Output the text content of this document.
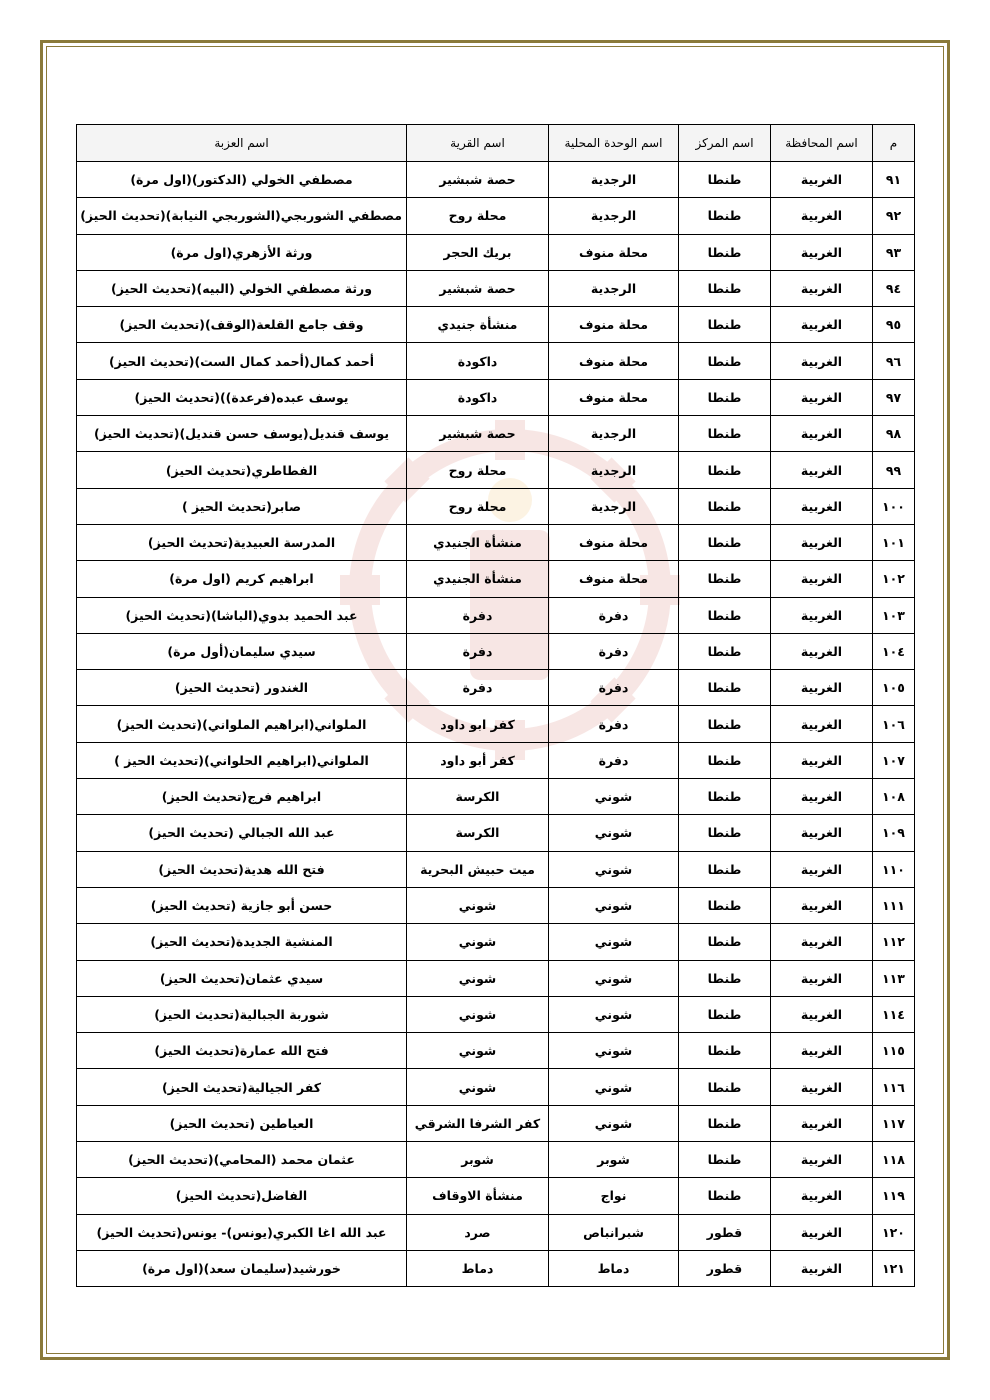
م	اسم المحافظة	اسم المركز	اسم الوحدة المحلية	اسم القرية	اسم العزبة
٩١	الغربية	طنطا	الرجدية	حصة شبشير	مصطفي الخولي (الدكتور)(اول مرة)
٩٢	الغربية	طنطا	الرجدية	محلة روح	مصطفي الشوربجي(الشوربجي النيابة)(تحديث الحيز)
٩٣	الغربية	طنطا	محلة منوف	بريك الحجر	ورثة الأزهري(اول مرة)
٩٤	الغربية	طنطا	الرجدية	حصة شبشير	ورثة مصطفي الخولي (البيه)(تحديث الحيز)
٩٥	الغربية	طنطا	محلة منوف	منشأة جنيدي	وقف جامع القلعة(الوقف)(تحديث الحيز)
٩٦	الغربية	طنطا	محلة منوف	داكودة	أحمد كمال(أحمد كمال الست)(تحديث الحيز)
٩٧	الغربية	طنطا	محلة منوف	داكودة	يوسف عبده(فرعدة))(تحديث الحيز)
٩٨	الغربية	طنطا	الرجدية	حصة شبشير	يوسف قنديل(يوسف حسن قنديل)(تحديث الحيز)
٩٩	الغربية	طنطا	الرجدية	محلة روح	الفطاطري(تحديث الحيز)
١٠٠	الغربية	طنطا	الرجدية	محلة روح	صابر(تحديث الحيز )
١٠١	الغربية	طنطا	محلة منوف	منشأة الجنيدي	المدرسة العبيدية(تحديث الحيز)
١٠٢	الغربية	طنطا	محلة منوف	منشأة الجنيدي	ابراهيم كريم (اول مرة)
١٠٣	الغربية	طنطا	دفرة	دفرة	عبد الحميد بدوي(الباشا)(تحديث الحيز)
١٠٤	الغربية	طنطا	دفرة	دفرة	سيدي سليمان(أول مرة)
١٠٥	الغربية	طنطا	دفرة	دفرة	الغندور (تحديث الحيز)
١٠٦	الغربية	طنطا	دفرة	كفر ابو داود	الملواني(ابراهيم الملواني)(تحديث الحيز)
١٠٧	الغربية	طنطا	دفرة	كفر أبو داود	الملواني(ابراهيم الحلواني)(تحديث الحيز )
١٠٨	الغربية	طنطا	شوني	الكرسة	ابراهيم فرج(تحديث الحيز)
١٠٩	الغربية	طنطا	شوني	الكرسة	عبد الله الجبالي (تحديث الحيز)
١١٠	الغربية	طنطا	شوني	ميت حبيش البحرية	فتح الله هدية(تحديث الحيز)
١١١	الغربية	طنطا	شوني	شوني	حسن أبو جازية (تحديث الحيز)
١١٢	الغربية	طنطا	شوني	شوني	المنشية الجديدة(تحديث الحيز)
١١٣	الغربية	طنطا	شوني	شوني	سيدي عثمان(تحديث الحيز)
١١٤	الغربية	طنطا	شوني	شوني	شوربة الجبالية(تحديث الحيز)
١١٥	الغربية	طنطا	شوني	شوني	فتح الله عمارة(تحديث الحيز)
١١٦	الغربية	طنطا	شوني	شوني	كفر الجيالية(تحديث الحيز)
١١٧	الغربية	طنطا	شوني	كفر الشرفا الشرقي	العياطين (تحديث الحيز)
١١٨	الغربية	طنطا	شوبر	شوبر	عثمان محمد (المحامي)(تحديث الحيز)
١١٩	الغربية	طنطا	نواج	منشأة الاوقاف	الفاضل(تحديث الحيز)
١٢٠	الغربية	قطور	شبرانباص	صرد	عبد الله اغا الكبري(يونس)- يونس(تحديث الحيز)
١٢١	الغربية	قطور	دماط	دماط	خورشيد(سليمان سعد)(اول مرة)
